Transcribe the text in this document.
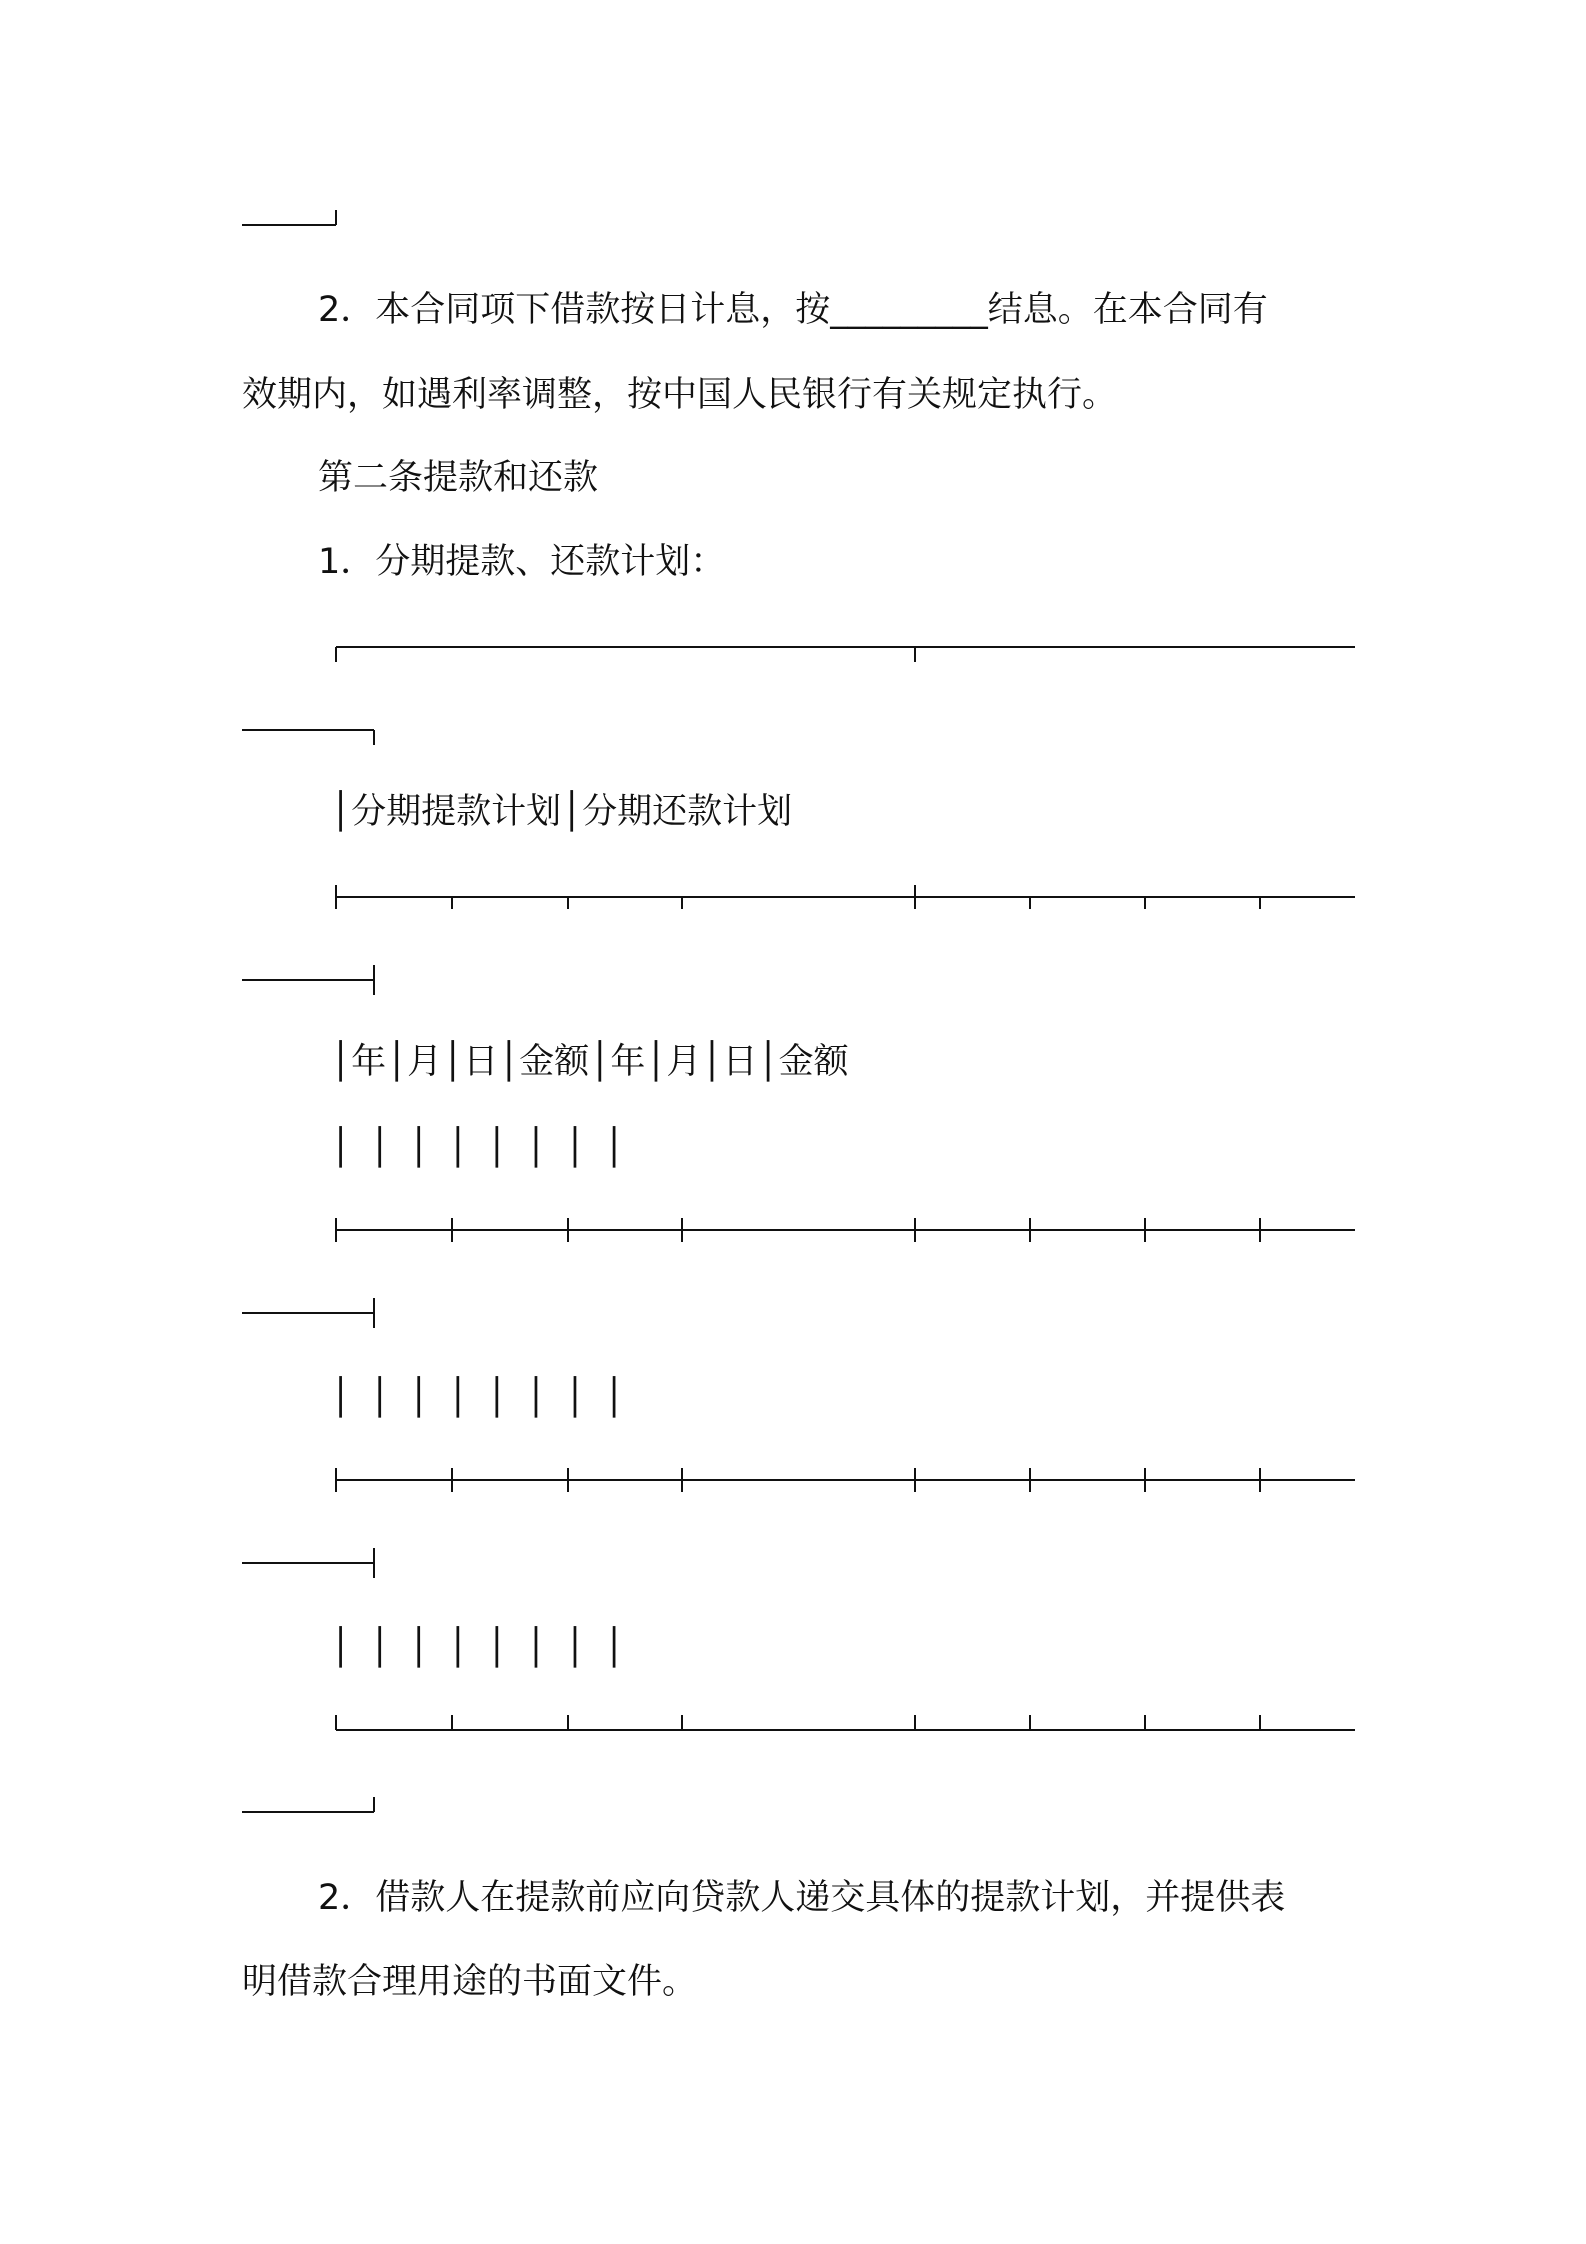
2．本合同项下借款按日计息，按_________结息。在本合同有

效期内，如遇利率调整，按中国人民银行有关规定执行。

第二条提款和还款

1．分期提款、还款计划：

│分期提款计划│分期还款计划

│年│月│日│金额│年│月│日│金额

││││││││

││││││││

││││││││

2．借款人在提款前应向贷款人递交具体的提款计划，并提供表

明借款合理用途的书面文件。
